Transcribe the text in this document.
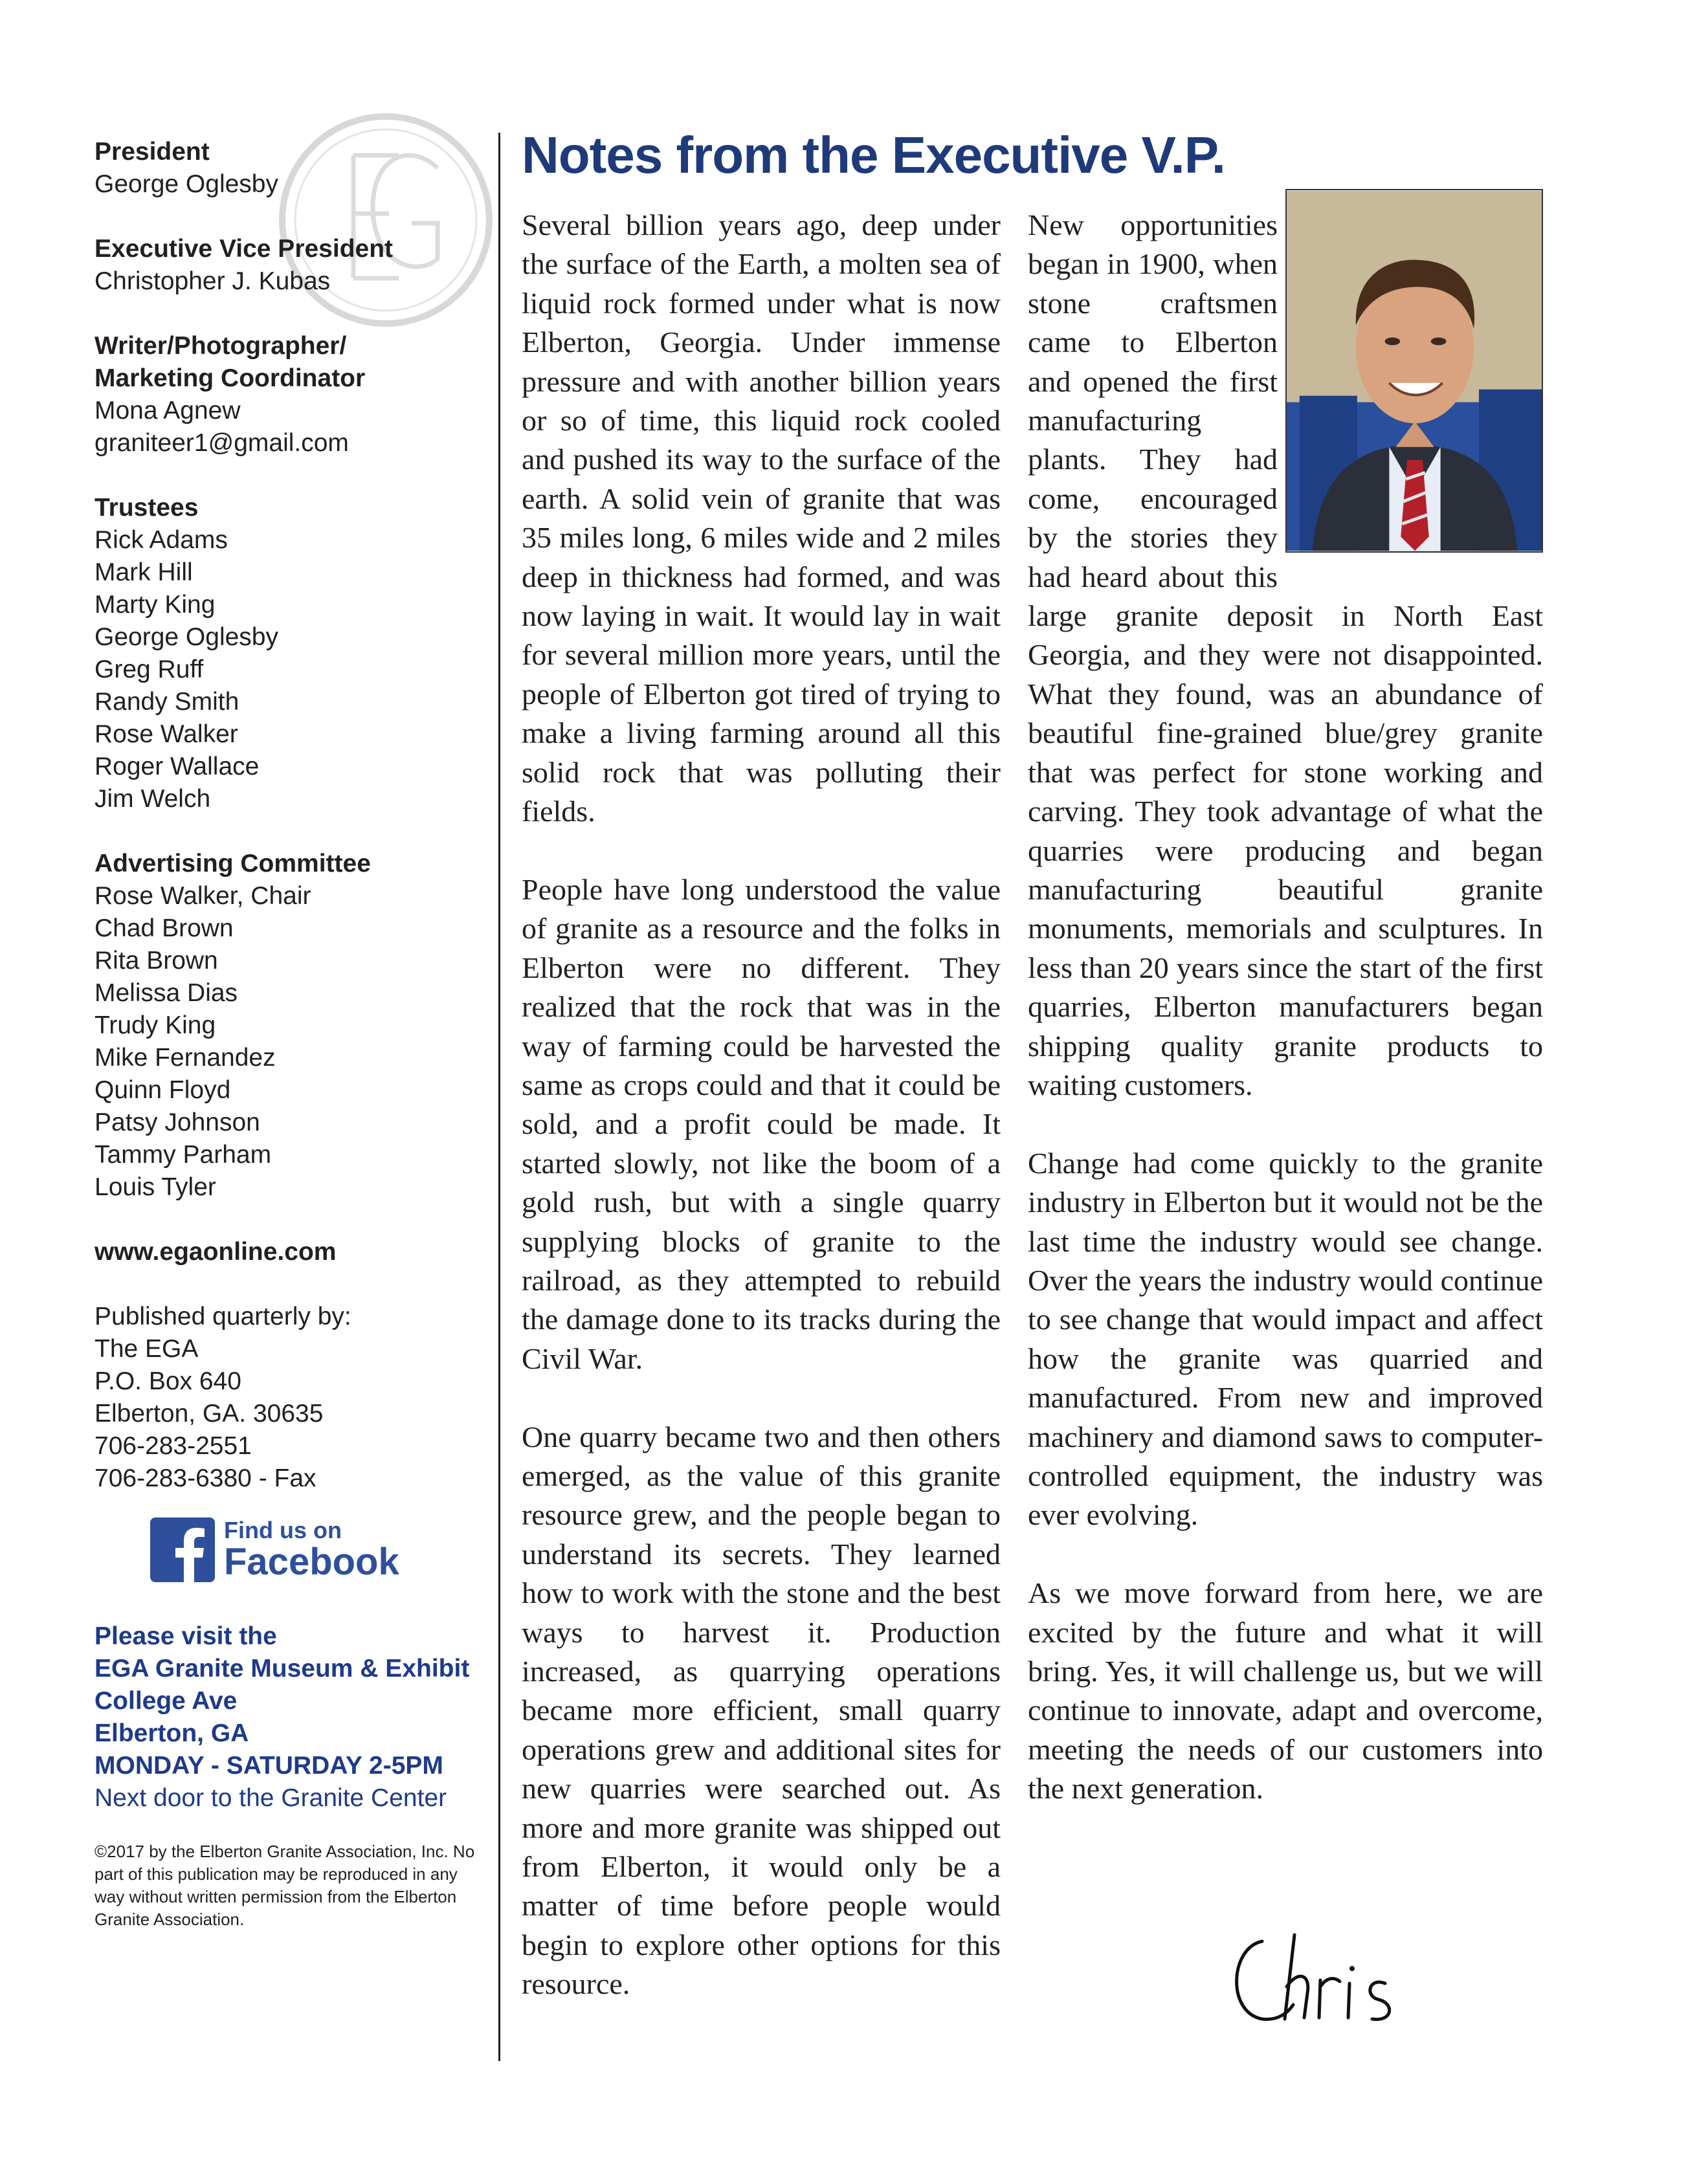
President
George Oglesby
Executive Vice President
Christopher J. Kubas
Writer/Photographer/
Marketing Coordinator
Mona Agnew
graniteer1@gmail.com
Trustees
Rick Adams
Mark Hill
Marty King
George Oglesby
Greg Ruff
Randy Smith
Rose Walker
Roger Wallace
Jim Welch
Advertising Committee
Rose Walker, Chair
Chad Brown
Rita Brown
Melissa Dias
Trudy King
Mike Fernandez
Quinn Floyd
Patsy Johnson
Tammy Parham
Louis Tyler
www.egaonline.com
Published quarterly by:
The EGA
P.O. Box 640
Elberton, GA. 30635
706-283-2551
706-283-6380 - Fax
Find us on
Facebook
Please visit the
EGA Granite Museum & Exhibit
College Ave
Elberton, GA
MONDAY - SATURDAY 2-5PM
Next door to the Granite Center
©2017 by the Elberton Granite Association, Inc. No part of this publication may be reproduced in any way without written permission from the Elberton Granite Association.
Notes from the Executive V.P.

Several billion years ago, deep under the surface of the Earth, a molten sea of liquid rock formed under what is now Elberton, Georgia. Under immense pressure and with another billion years or so of time, this liquid rock cooled and pushed its way to the surface of the earth. A solid vein of granite that was 35 miles long, 6 miles wide and 2 miles deep in thickness had formed, and was now laying in wait. It would lay in wait for several million more years, until the people of Elberton got tired of trying to make a living farming around all this solid rock that was polluting their fields.

People have long understood the value of granite as a resource and the folks in Elberton were no different. They realized that the rock that was in the way of farming could be harvested the same as crops could and that it could be sold, and a profit could be made. It started slowly, not like the boom of a gold rush, but with a single quarry supplying blocks of granite to the railroad, as they attempted to rebuild the damage done to its tracks during the Civil War.

One quarry became two and then others emerged, as the value of this granite resource grew, and the people began to understand its secrets. They learned how to work with the stone and the best ways to harvest it. Production increased, as quarrying operations became more efficient, small quarry operations grew and additional sites for new quarries were searched out. As more and more granite was shipped out from Elberton, it would only be a matter of time before people would begin to explore other options for this resource.

New opportunities began in 1900, when stone craftsmen came to Elberton and opened the first manufacturing plants. They had come, encouraged by the stories they had heard about this large granite deposit in North East Georgia, and they were not disappointed. What they found, was an abundance of beautiful fine-grained blue/grey granite that was perfect for stone working and carving. They took advantage of what the quarries were producing and began manufacturing beautiful granite monuments, memorials and sculptures. In less than 20 years since the start of the first quarries, Elberton manufacturers began shipping quality granite products to waiting customers.

Change had come quickly to the granite industry in Elberton but it would not be the last time the industry would see change. Over the years the industry would continue to see change that would impact and affect how the granite was quarried and manufactured. From new and improved machinery and diamond saws to computer-controlled equipment, the industry was ever evolving.

As we move forward from here, we are excited by the future and what it will bring. Yes, it will challenge us, but we will continue to innovate, adapt and overcome, meeting the needs of our customers into the next generation.
